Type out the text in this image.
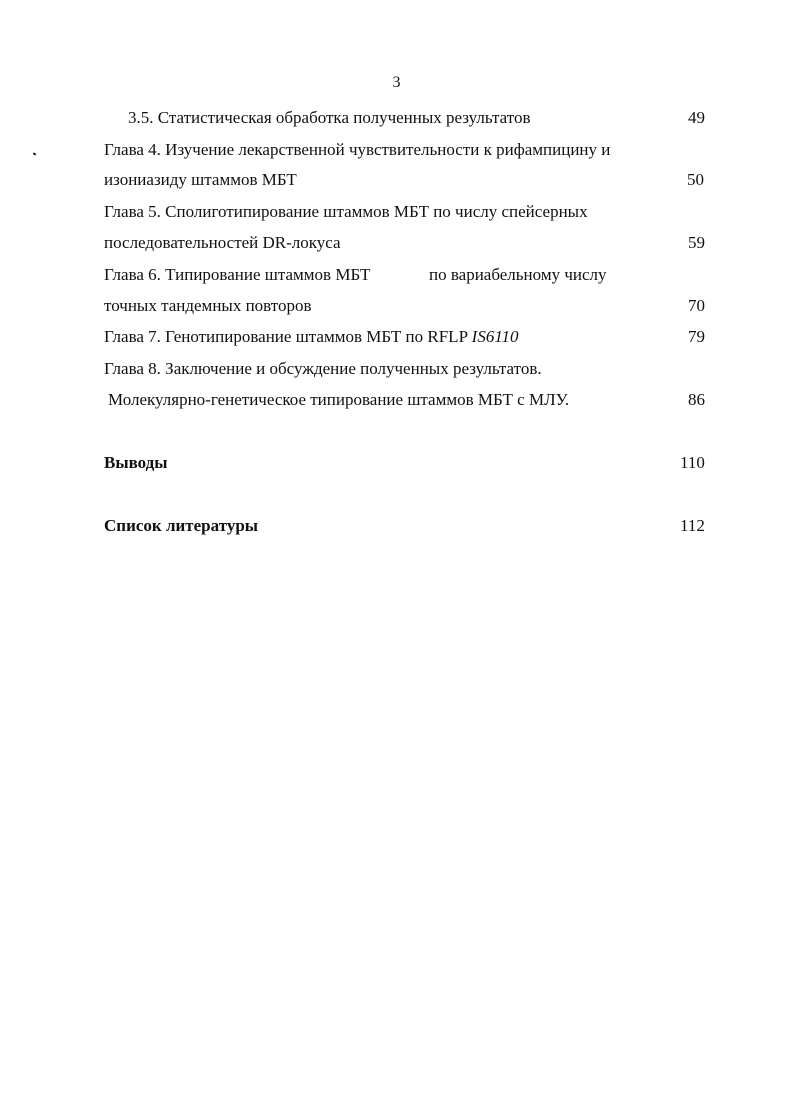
3
3.5. Статистическая обработка полученных результатов	49
Глава 4. Изучение лекарственной чувствительности к рифампицину и
изониазиду штаммов МБТ	50
Глава 5. Сполиготипирование штаммов МБТ по числу спейсерных
последовательностей DR-локуса	59
Глава 6. Типирование штаммов МБТ	по вариабельному числу
точных тандемных повторов	70
Глава 7. Генотипирование штаммов МБТ по RFLP IS6110	79
Глава 8. Заключение и обсуждение полученных результатов.
Молекулярно-генетическое типирование штаммов МБТ с МЛУ.	86
Выводы	110
Список литературы	112
